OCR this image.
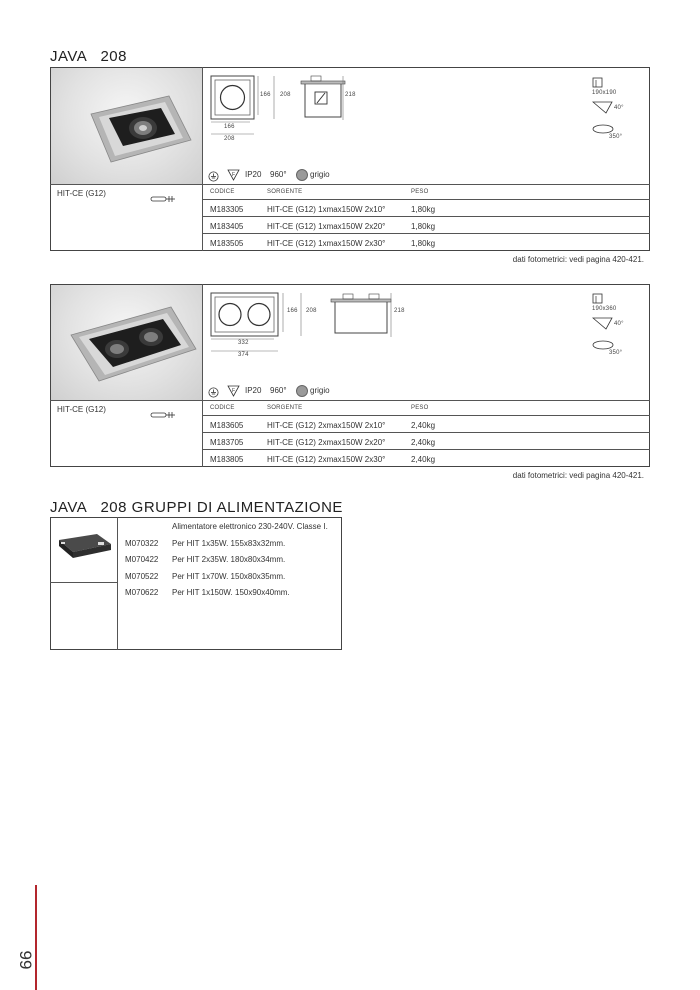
JAVA   208
166 208	218
166
208
190x190
40°
350°
F IP20 960°	grigio
HIT-CE (G12)	CODICE	SORGENTE	PESO
M183305	HIT-CE (G12) 1xmax150W 2x10°	1,80kg
M183405	HIT-CE (G12) 1xmax150W 2x20°	1,80kg
M183505	HIT-CE (G12) 1xmax150W 2x30°	1,80kg
dati fotometrici: vedi pagina 420-421.
166 208	218
332
374
190x360
40°
350°
F IP20 960°	grigio
HIT-CE (G12)	CODICE	SORGENTE	PESO
M183605	HIT-CE (G12) 2xmax150W 2x10°	2,40kg
M183705	HIT-CE (G12) 2xmax150W 2x20°	2,40kg
M183805	HIT-CE (G12) 2xmax150W 2x30°	2,40kg
dati fotometrici: vedi pagina 420-421.
JAVA   208 GRUPPI DI ALIMENTAZIONE
Alimentatore elettronico 230-240V. Classe I.
M070322 Per HIT 1x35W. 155x83x32mm.
M070422 Per HIT 2x35W. 180x80x34mm.
M070522 Per HIT 1x70W. 150x80x35mm.
M070622 Per HIT 1x150W. 150x90x40mm.
99
